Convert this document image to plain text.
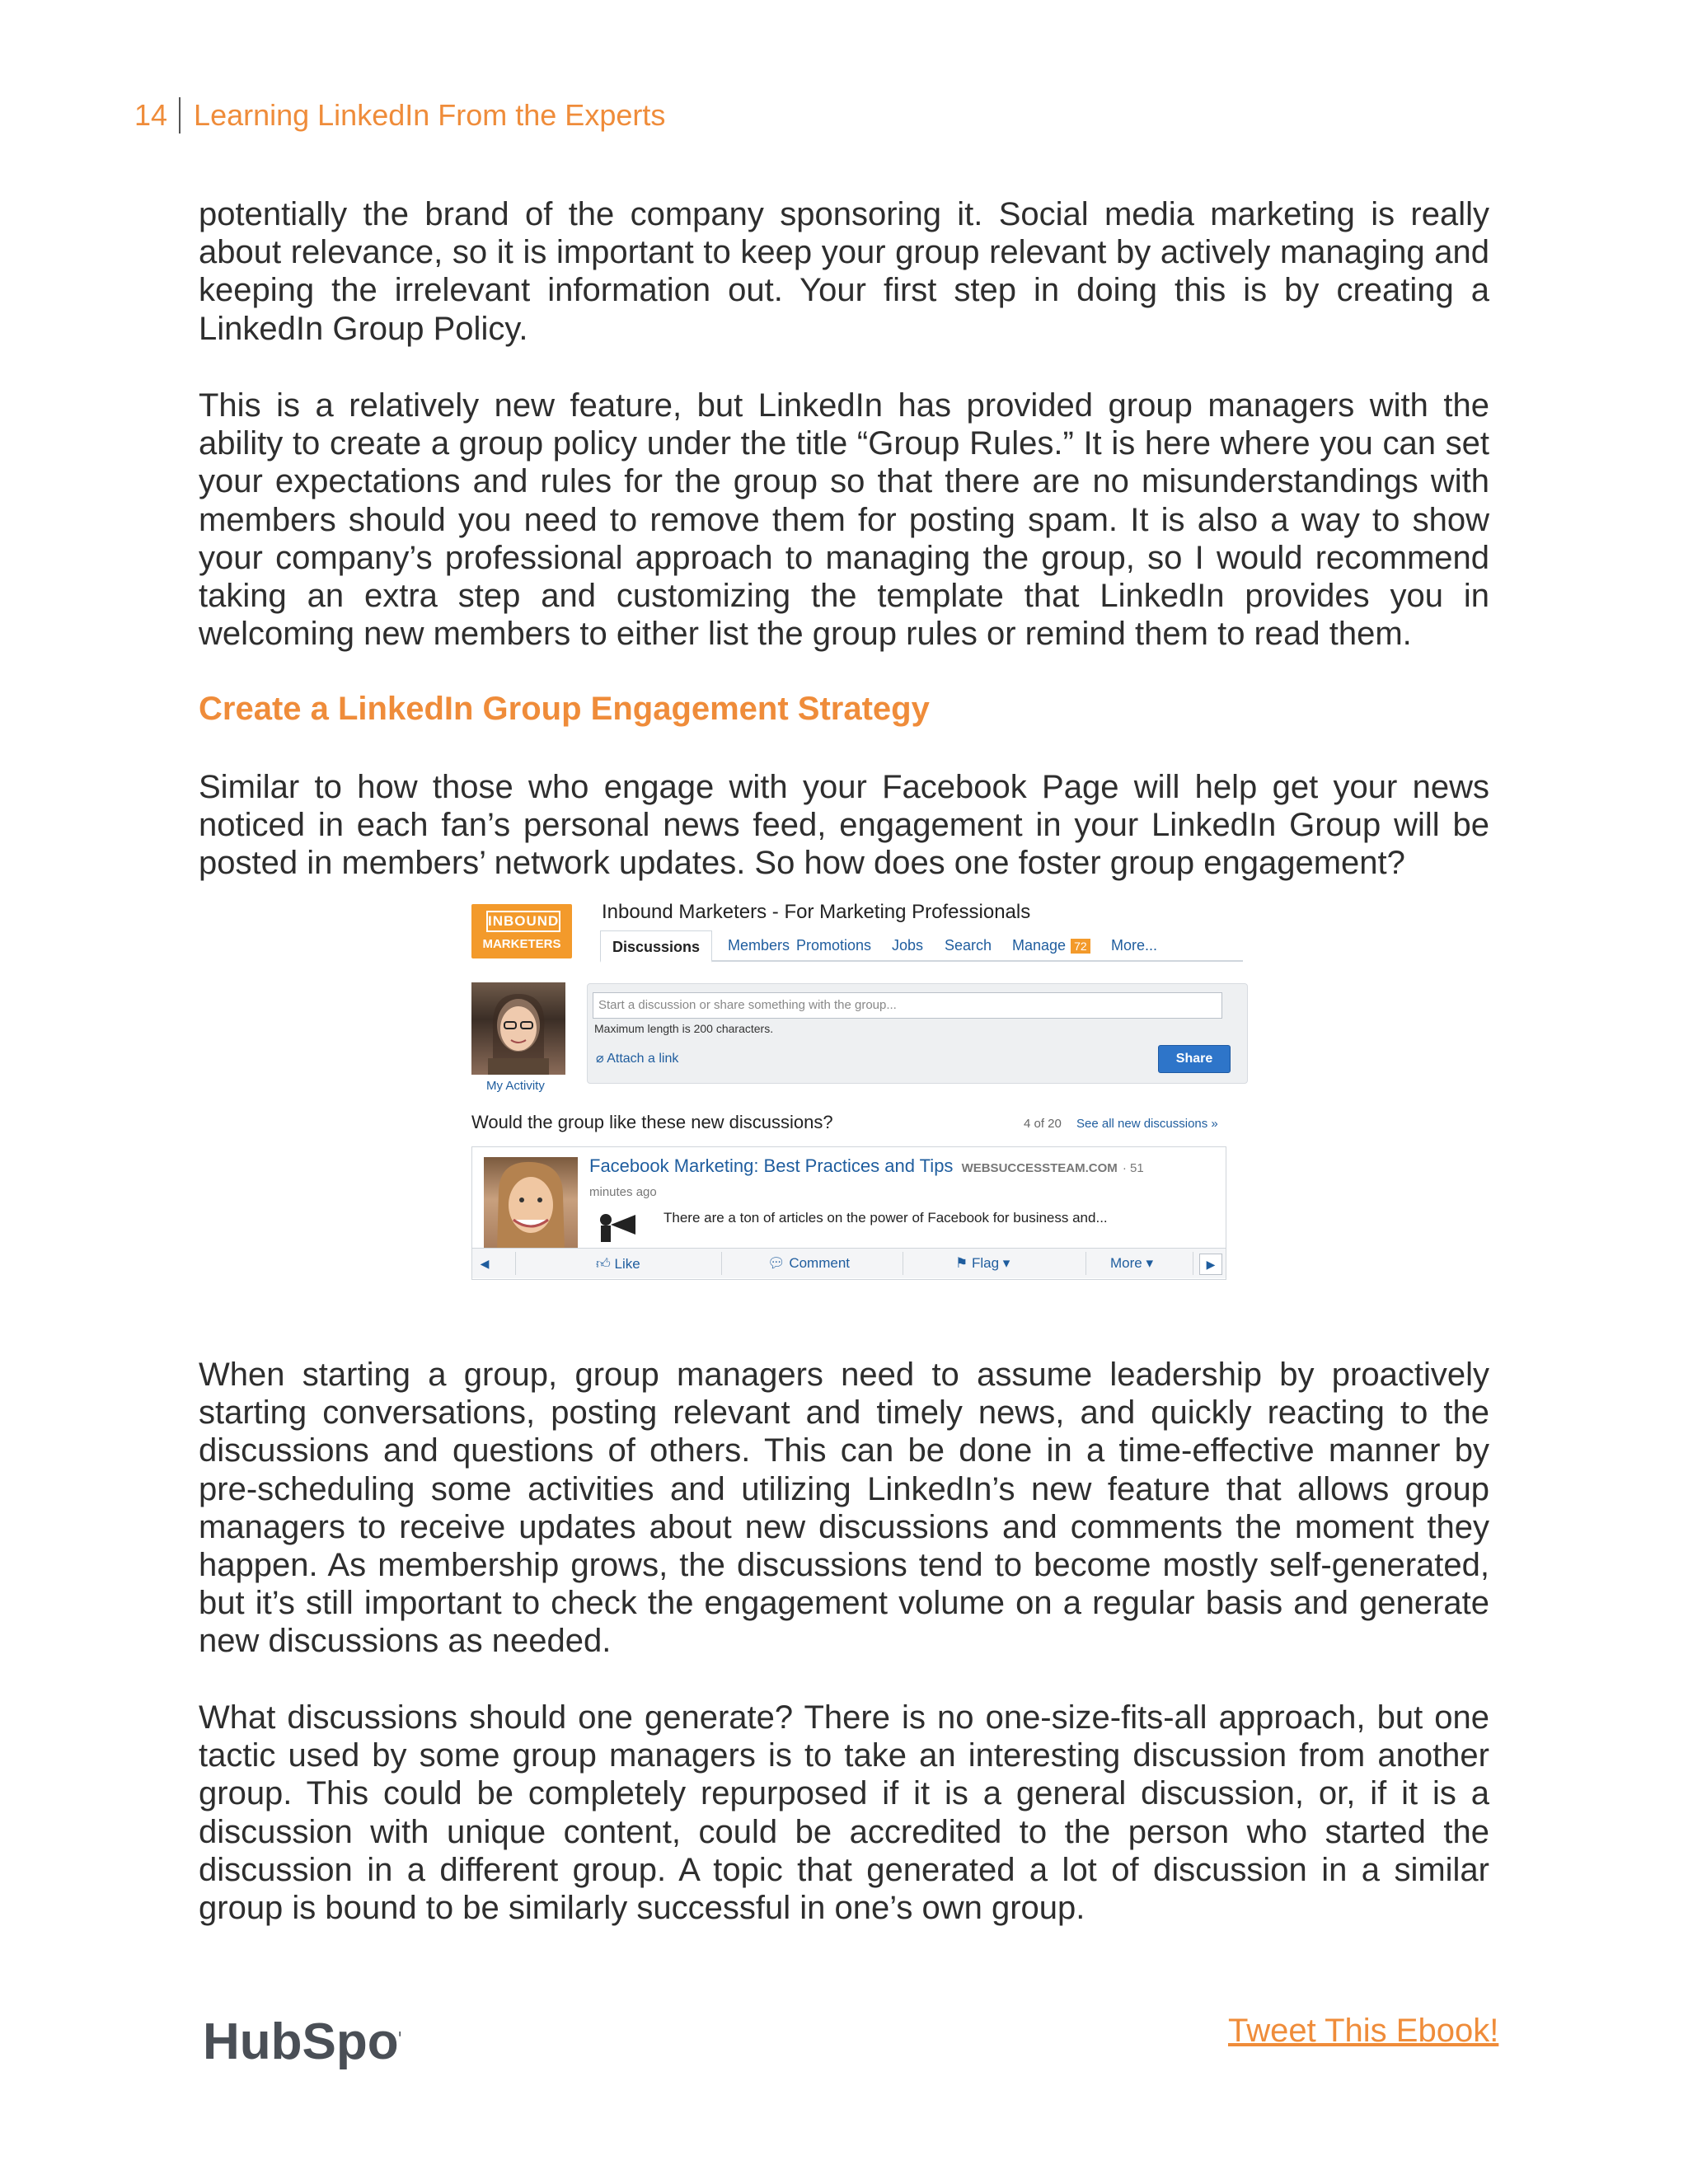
14 Learning LinkedIn From the Experts
potentially the brand of the company sponsoring it. Social media marketing is really about relevance, so it is important to keep your group relevant by actively managing and keeping the irrelevant information out. Your first step in doing this is by creating a LinkedIn Group Policy.
This is a relatively new feature, but LinkedIn has provided group managers with the ability to create a group policy under the title “Group Rules.” It is here where you can set your expectations and rules for the group so that there are no misunderstandings with members should you need to remove them for posting spam. It is also a way to show your company’s professional approach to managing the group, so I would recommend taking an extra step and customizing the template that LinkedIn provides you in welcoming new members to either list the group rules or remind them to read them.
Create a LinkedIn Group Engagement Strategy
Similar to how those who engage with your Facebook Page will help get your news noticed in each fan’s personal news feed, engagement in your LinkedIn Group will be posted in members’ network updates. So how does one foster group engagement?
INBOUND
MARKETERS
Inbound Marketers - For Marketing Professionals
Discussions	Members Promotions Jobs Search Manage 72 More...
My Activity
Start a discussion or share something with the group...
Maximum length is 200 characters.
⌀ Attach a link	Share
Would the group like these new discussions?	4 of 20 See all new discussions »
Facebook Marketing: Best Practices and Tips WEBSUCCESSTEAM.COM · 51
minutes ago
There are a ton of articles on the power of Facebook for business and...
◀	👍︎ Like	💬︎ Comment	⚑ Flag ▾	More ▾	▶
When starting a group, group managers need to assume leadership by proactively starting conversations, posting relevant and timely news, and quickly reacting to the discussions and questions of others. This can be done in a time-effective manner by pre-scheduling some activities and utilizing LinkedIn’s new feature that allows group managers to receive updates about new discussions and comments the moment they happen. As membership grows, the discussions tend to become mostly self-generated, but it’s still important to check the engagement volume on a regular basis and generate new discussions as needed.
What discussions should one generate? There is no one-size-fits-all approach, but one tactic used by some group managers is to take an interesting discussion from another group. This could be completely repurposed if it is a general discussion, or, if it is a discussion with unique content, could be accredited to the person who started the discussion in a different group. A topic that generated a lot of discussion in a similar group is bound to be similarly successful in one’s own group.
HubSpot	Tweet This Ebook!
